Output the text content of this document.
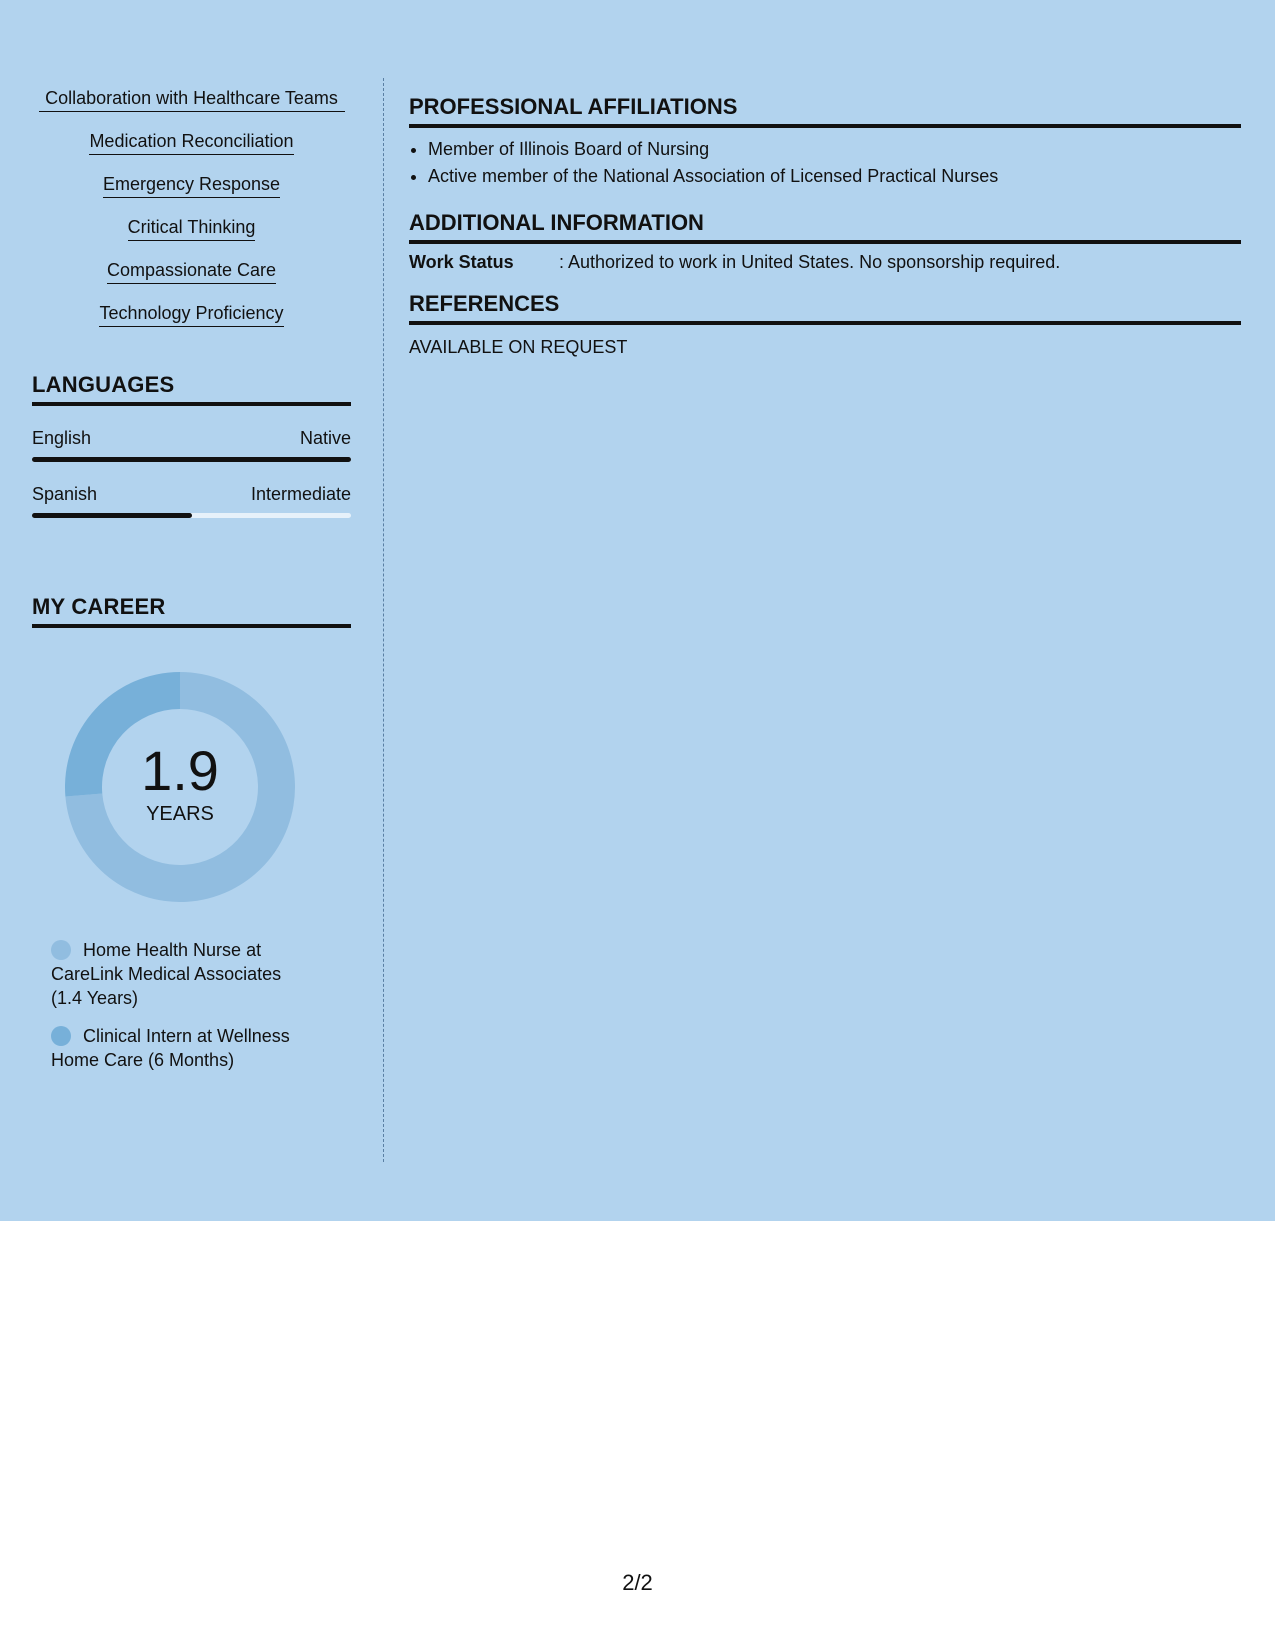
Collaboration with Healthcare Teams
Medication Reconciliation
Emergency Response
Critical Thinking
Compassionate Care
Technology Proficiency
LANGUAGES
English	Native
Spanish	Intermediate
MY CAREER
1.9
YEARS
Home Health Nurse at CareLink Medical Associates (1.4 Years)
Clinical Intern at Wellness Home Care (6 Months)
PROFESSIONAL AFFILIATIONS
• Member of Illinois Board of Nursing
• Active member of the National Association of Licensed Practical Nurses
ADDITIONAL INFORMATION
Work Status	: Authorized to work in United States. No sponsorship required.
REFERENCES
AVAILABLE ON REQUEST
2/2
